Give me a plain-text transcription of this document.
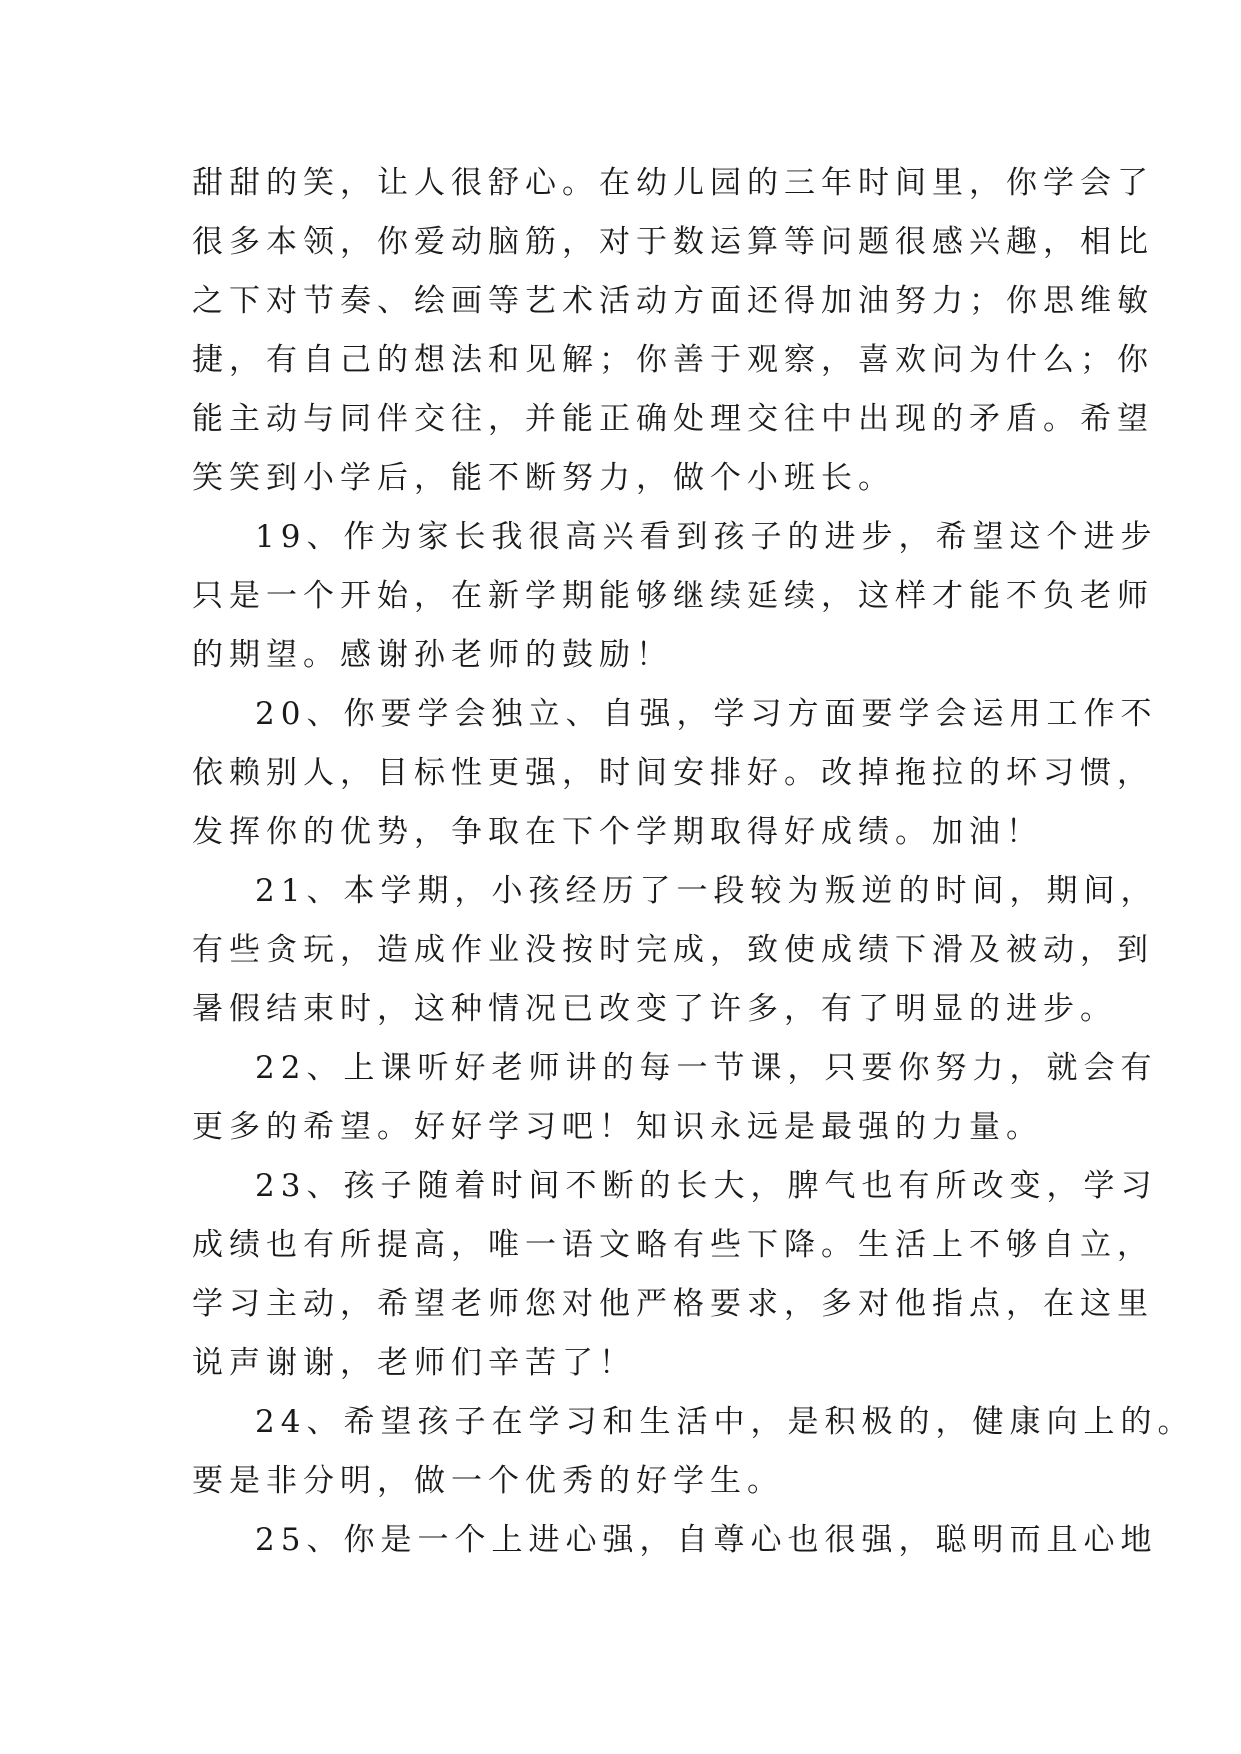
甜甜的笑，让人很舒心。在幼儿园的三年时间里，你学会了
很多本领，你爱动脑筋，对于数运算等问题很感兴趣，相比
之下对节奏、绘画等艺术活动方面还得加油努力；你思维敏
捷，有自己的想法和见解；你善于观察，喜欢问为什么；你
能主动与同伴交往，并能正确处理交往中出现的矛盾。希望
笑笑到小学后，能不断努力，做个小班长。

19、作为家长我很高兴看到孩子的进步，希望这个进步
只是一个开始，在新学期能够继续延续，这样才能不负老师
的期望。感谢孙老师的鼓励！

20、你要学会独立、自强，学习方面要学会运用工作不
依赖别人，目标性更强，时间安排好。改掉拖拉的坏习惯，
发挥你的优势，争取在下个学期取得好成绩。加油！

21、本学期，小孩经历了一段较为叛逆的时间，期间，
有些贪玩，造成作业没按时完成，致使成绩下滑及被动，到
暑假结束时，这种情况已改变了许多，有了明显的进步。

22、上课听好老师讲的每一节课，只要你努力，就会有
更多的希望。好好学习吧！知识永远是最强的力量。

23、孩子随着时间不断的长大，脾气也有所改变，学习
成绩也有所提高，唯一语文略有些下降。生活上不够自立，
学习主动，希望老师您对他严格要求，多对他指点，在这里
说声谢谢，老师们辛苦了！

24、希望孩子在学习和生活中，是积极的，健康向上的。
要是非分明，做一个优秀的好学生。

25、你是一个上进心强，自尊心也很强，聪明而且心地
